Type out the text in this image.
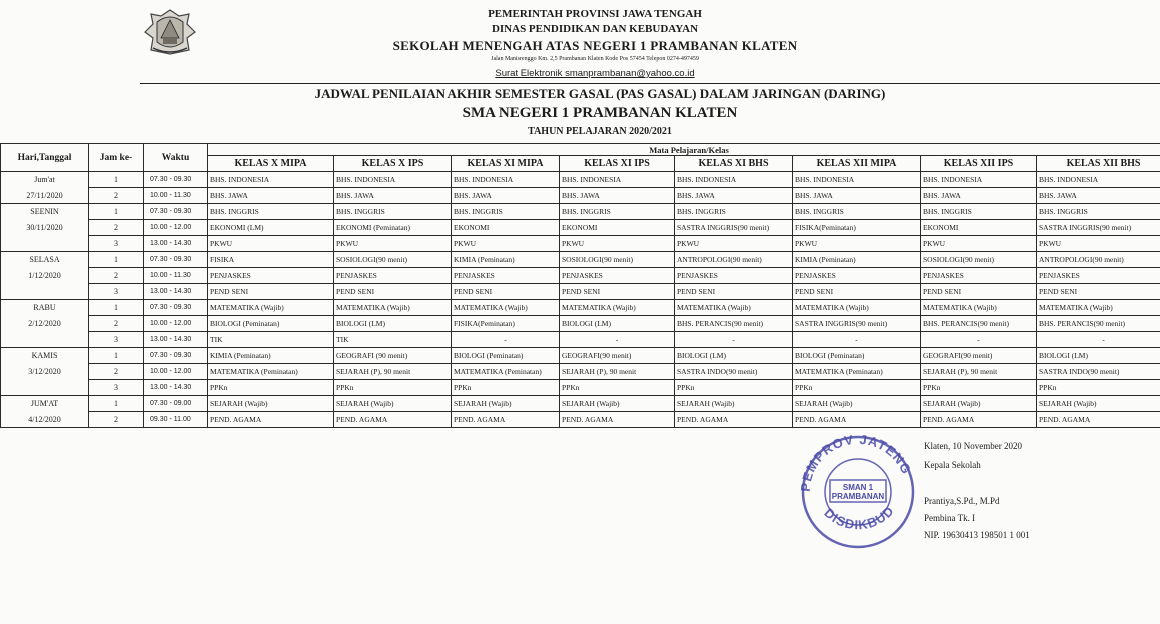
PEMERINTAH PROVINSI JAWA TENGAH
DINAS PENDIDIKAN DAN KEBUDAYAN
SEKOLAH MENENGAH ATAS NEGERI 1 PRAMBANAN KLATEN
Jalan Manisrenggo Km. 2,5 Prambanan Klaten Kode Pos 57454 Telepon 0274-497459
Surat Elektronik smanprambanan@yahoo.co.id
JADWAL PENILAIAN AKHIR SEMESTER GASAL (PAS GASAL) DALAM JARINGAN (DARING)
SMA NEGERI 1 PRAMBANAN KLATEN
TAHUN PELAJARAN 2020/2021
Hari,Tanggal	Jam ke-	Waktu	Mata Pelajaran/Kelas							
			KELAS X MIPA	KELAS X IPS	KELAS XI MIPA	KELAS XI IPS	KELAS XI BHS	KELAS XII MIPA	KELAS XII IPS	KELAS XII BHS
Jum'at	1	07.30 - 09.30	BHS. INDONESIA	BHS. INDONESIA	BHS. INDONESIA	BHS. INDONESIA	BHS. INDONESIA	BHS. INDONESIA	BHS. INDONESIA	BHS. INDONESIA
27/11/2020	2	10.00 - 11.30	BHS. JAWA	BHS. JAWA	BHS. JAWA	BHS. JAWA	BHS. JAWA	BHS. JAWA	BHS. JAWA	BHS. JAWA
SEENIN	1	07.30 - 09.30	BHS. INGGRIS	BHS. INGGRIS	BHS. INGGRIS	BHS. INGGRIS	BHS. INGGRIS	BHS. INGGRIS	BHS. INGGRIS	BHS. INGGRIS
30/11/2020	2	10.00 - 12.00	EKONOMI (LM)	EKONOMI (Peminatan)	EKONOMI	EKONOMI	SASTRA INGGRIS(90 menit)	FISIKA(Peminatan)	EKONOMI	SASTRA INGGRIS(90 menit)
	3	13.00 - 14.30	PKWU	PKWU	PKWU	PKWU	PKWU	PKWU	PKWU	PKWU
SELASA	1	07.30 - 09.30	FISIKA	SOSIOLOGI(90 menit)	KIMIA (Peminatan)	SOSIOLOGI(90 menit)	ANTROPOLOGI(90 menit)	KIMIA (Peminatan)	SOSIOLOGI(90 menit)	ANTROPOLOGI(90 menit)
1/12/2020	2	10.00 - 11.30	PENJASKES	PENJASKES	PENJASKES	PENJASKES	PENJASKES	PENJASKES	PENJASKES	PENJASKES
	3	13.00 - 14.30	PEND SENI	PEND SENI	PEND SENI	PEND SENI	PEND SENI	PEND SENI	PEND SENI	PEND SENI
RABU	1	07.30 - 09.30	MATEMATIKA (Wajib)	MATEMATIKA (Wajib)	MATEMATIKA (Wajib)	MATEMATIKA (Wajib)	MATEMATIKA (Wajib)	MATEMATIKA (Wajib)	MATEMATIKA (Wajib)	MATEMATIKA (Wajib)
2/12/2020	2	10.00 - 12.00	BIOLOGI (Peminatan)	BIOLOGI (LM)	FISIKA(Peminatan)	BIOLOGI (LM)	BHS. PERANCIS(90 menit)	SASTRA INGGRIS(90 menit)	BHS. PERANCIS(90 menit)	BHS. PERANCIS(90 menit)
	3	13.00 - 14.30	TIK	TIK	-	-	-	-	-	-
KAMIS	1	07.30 - 09.30	KIMIA (Peminatan)	GEOGRAFI (90 menit)	BIOLOGI (Peminatan)	GEOGRAFI(90 menit)	BIOLOGI (LM)	BIOLOGI (Peminatan)	GEOGRAFI(90 menit)	BIOLOGI (LM)
3/12/2020	2	10.00 - 12.00	MATEMATIKA (Peminatan)	SEJARAH (P), 90 menit	MATEMATIKA (Peminatan)	SEJARAH (P), 90 menit	SASTRA INDO(90 menit)	MATEMATIKA (Peminatan)	SEJARAH (P), 90 menit	SASTRA INDO(90 menit)
	3	13.00 - 14.30	PPKn	PPKn	PPKn	PPKn	PPKn	PPKn	PPKn	PPKn
JUM'AT	1	07.30 - 09.00	SEJARAH (Wajib)	SEJARAH (Wajib)	SEJARAH (Wajib)	SEJARAH (Wajib)	SEJARAH (Wajib)	SEJARAH (Wajib)	SEJARAH (Wajib)	SEJARAH (Wajib)
4/12/2020	2	09.30 - 11.00	PEND. AGAMA	PEND. AGAMA	PEND. AGAMA	PEND. AGAMA	PEND. AGAMA	PEND. AGAMA	PEND. AGAMA	PEND. AGAMA
PEMPROV JATENG
DISDIKBUD
SMAN 1
PRAMBANAN
Klaten, 10 November 2020
Kepala Sekolah
Prantiya,S.Pd., M.Pd
Pembina Tk. I
NIP. 19630413 198501 1 001
